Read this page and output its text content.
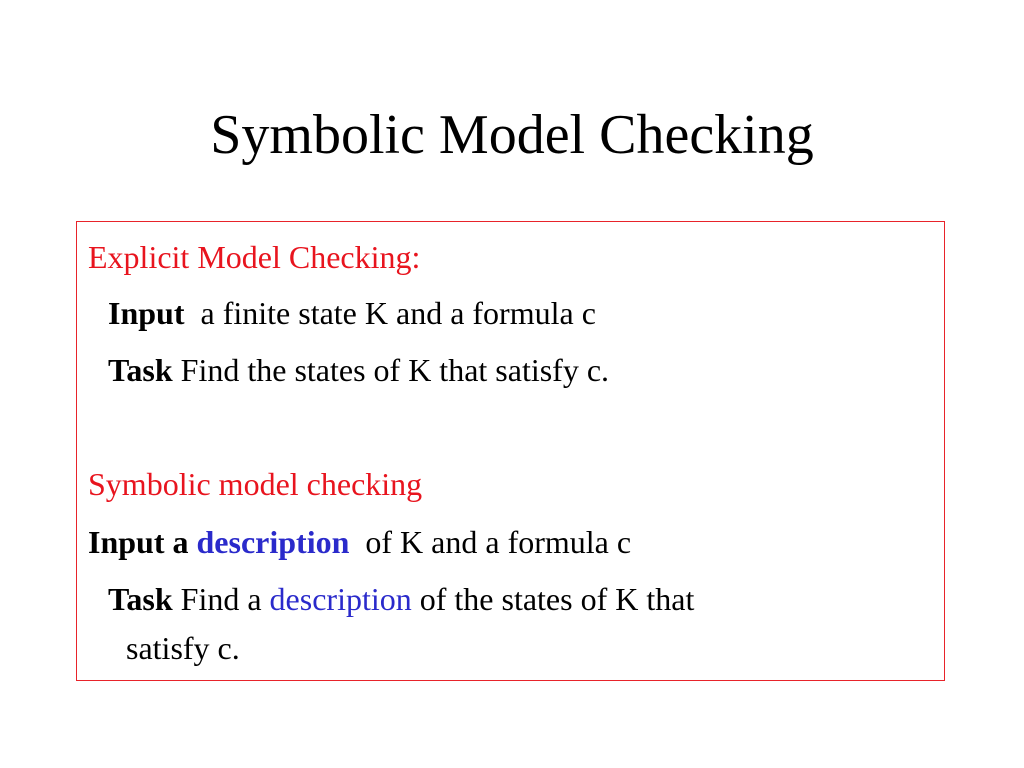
Symbolic Model Checking
Explicit Model Checking:
Input a finite state K and a formula c
Task Find the states of K that satisfy c.
Symbolic model checking
Input a description of K and a formula c
Task Find a description of the states of K that
satisfy c.
